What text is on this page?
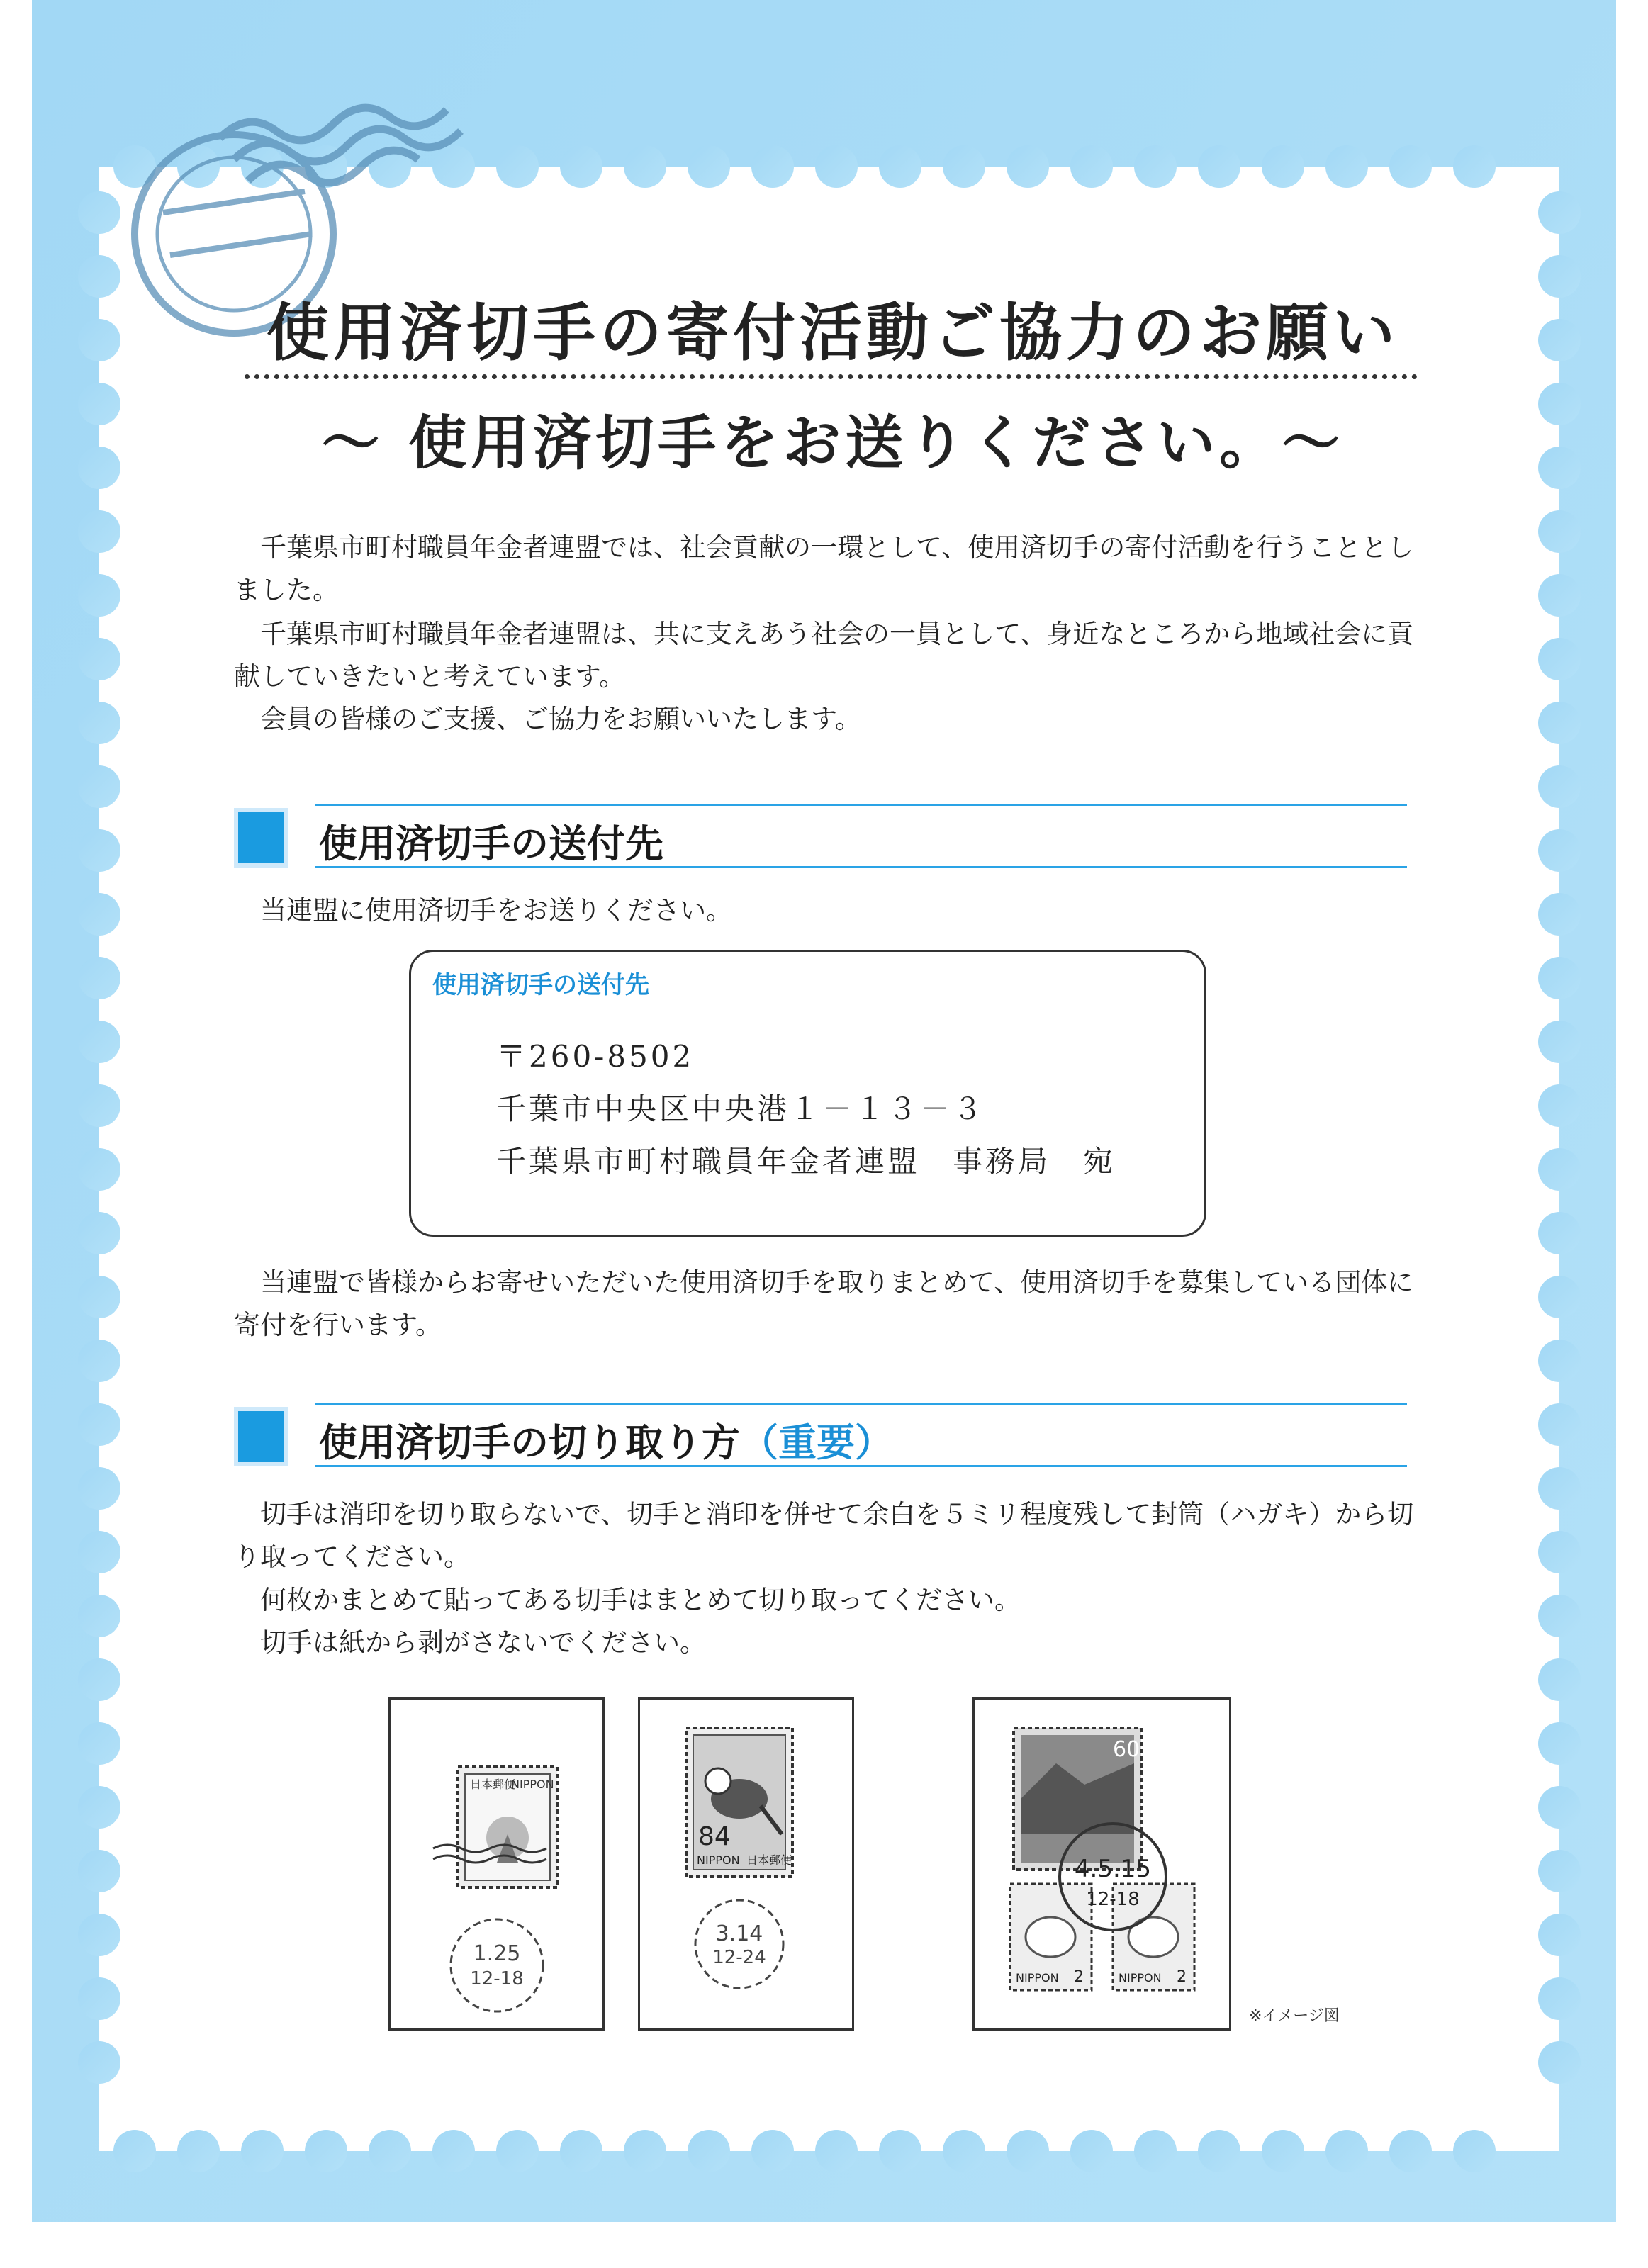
使用済切手の寄付活動ご協力のお願い
～ 使用済切手をお送りください。～

千葉県市町村職員年金者連盟では、社会貢献の一環として、使用済切手の寄付活動を行うこととしました。

千葉県市町村職員年金者連盟は、共に支えあう社会の一員として、身近なところから地域社会に貢献していきたいと考えています。

会員の皆様のご支援、ご協力をお願いいたします。

使用済切手の送付先

当連盟に使用済切手をお送りください。

使用済切手の送付先
〒260-8502
千葉市中央区中央港１－１３－３
千葉県市町村職員年金者連盟　事務局　宛

当連盟で皆様からお寄せいただいた使用済切手を取りまとめて、使用済切手を募集している団体に寄付を行います。

使用済切手の切り取り方（重要）

切手は消印を切り取らないで、切手と消印を併せて余白を５ミリ程度残して封筒（ハガキ）から切り取ってください。

何枚かまとめて貼ってある切手はまとめて切り取ってください。

切手は紙から剥がさないでください。

日本郵便
NIPPON
1.25
12-18
84
NIPPON 日本郵便
3.14
12-24
60
NIPPON 2	NIPPON 2
4.5.15
12-18
※イメージ図
